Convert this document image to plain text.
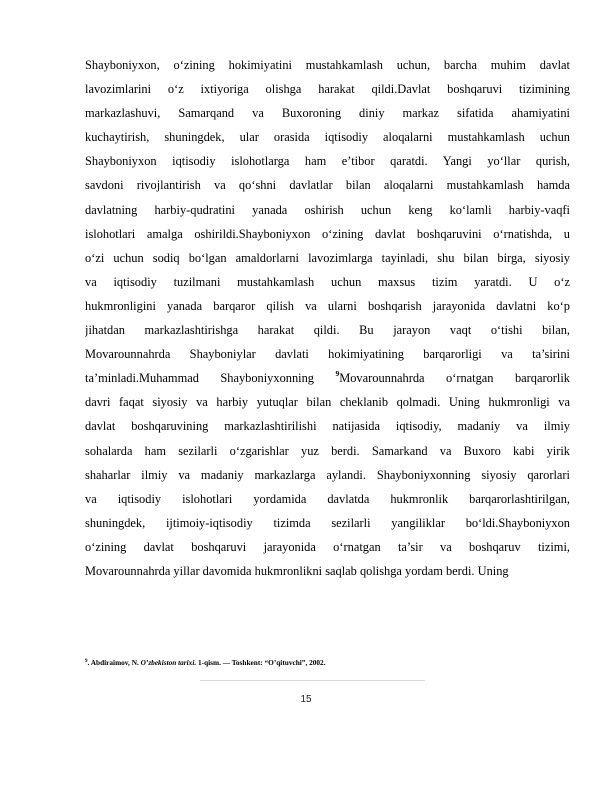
Shayboniyxon, o‘zining hokimiyatini mustahkamlash uchun, barcha muhim davlat
lavozimlarini o‘z ixtiyoriga olishga harakat qildi.Davlat boshqaruvi tizimining
markazlashuvi, Samarqand va Buxoroning diniy markaz sifatida ahamiyatini
kuchaytirish, shuningdek, ular orasida iqtisodiy aloqalarni mustahkamlash uchun
Shayboniyxon iqtisodiy islohotlarga ham e’tibor qaratdi. Yangi yo‘llar qurish,
savdoni rivojlantirish va qo‘shni davlatlar bilan aloqalarni mustahkamlash hamda
davlatning harbiy-qudratini yanada oshirish uchun keng ko‘lamli harbiy-vaqfi
islohotlari amalga oshirildi.Shayboniyxon o‘zining davlat boshqaruvini o‘rnatishda, u
o‘zi uchun sodiq bo‘lgan amaldorlarni lavozimlarga tayinladi, shu bilan birga, siyosiy
va iqtisodiy tuzilmani mustahkamlash uchun maxsus tizim yaratdi. U o‘z
hukmronligini yanada barqaror qilish va ularni boshqarish jarayonida davlatni ko‘p
jihatdan markazlashtirishga harakat qildi. Bu jarayon vaqt o‘tishi bilan,
Movarounnahrda Shayboniylar davlati hokimiyatining barqarorligi va ta’sirini
ta’minladi.Muhammad Shayboniyxonning $^9$Movarounnahrda o‘rnatgan barqarorlik
davri faqat siyosiy va harbiy yutuqlar bilan cheklanib qolmadi. Uning hukmronligi va
davlat boshqaruvining markazlashtirilishi natijasida iqtisodiy, madaniy va ilmiy
sohalarda ham sezilarli o‘zgarishlar yuz berdi. Samarkand va Buxoro kabi yirik
shaharlar ilmiy va madaniy markazlarga aylandi. Shayboniyxonning siyosiy qarorlari
va iqtisodiy islohotlari yordamida davlatda hukmronlik barqarorlashtirilgan,
shuningdek, ijtimoiy-iqtisodiy tizimda sezilarli yangiliklar bo‘ldi.Shayboniyxon
o‘zining davlat boshqaruvi jarayonida o‘rnatgan ta’sir va boshqaruv tizimi,
Movarounnahrda yillar davomida hukmronlikni saqlab qolishga yordam berdi. Uning
$^9$. Abdiraimov, N. O’zbekiston tarixi. 1-qism. — Toshkent: “O’qituvchi”, 2002.
15
